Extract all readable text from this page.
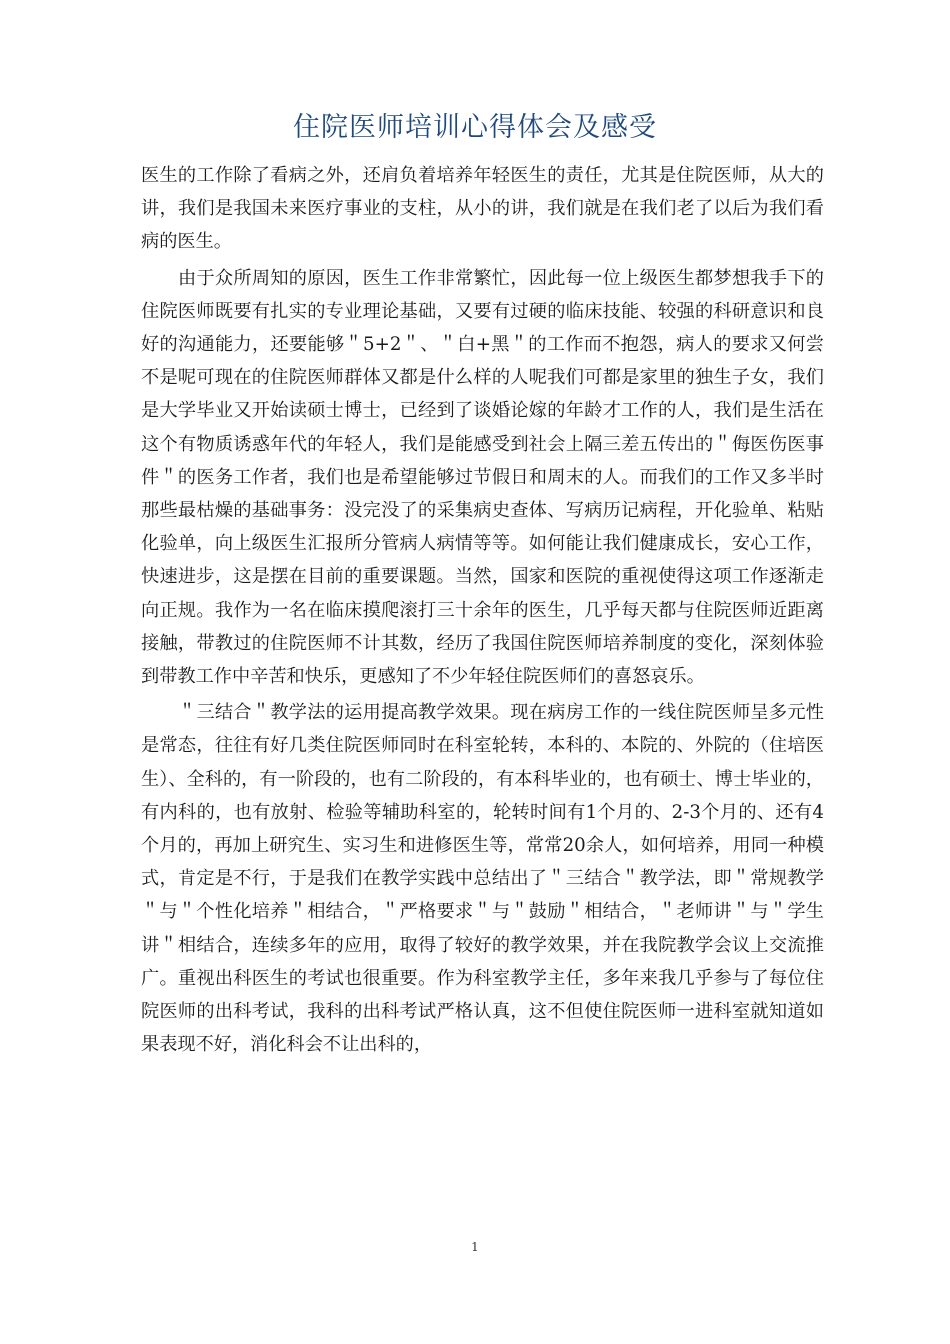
住院医师培训心得体会及感受

医生的工作除了看病之外，还肩负着培养年轻医生的责任，尤其是住院医师，从大的讲，我们是我国未来医疗事业的支柱，从小的讲，我们就是在我们老了以后为我们看病的医生。

由于众所周知的原因，医生工作非常繁忙，因此每一位上级医生都梦想我手下的住院医师既要有扎实的专业理论基础，又要有过硬的临床技能、较强的科研意识和良好的沟通能力，还要能够＂5+2＂、＂白+黑＂的工作而不抱怨，病人的要求又何尝不是呢可现在的住院医师群体又都是什么样的人呢我们可都是家里的独生子女，我们是大学毕业又开始读硕士博士，已经到了谈婚论嫁的年龄才工作的人，我们是生活在这个有物质诱惑年代的年轻人，我们是能感受到社会上隔三差五传出的＂侮医伤医事件＂的医务工作者，我们也是希望能够过节假日和周末的人。而我们的工作又多半时那些最枯燥的基础事务：没完没了的采集病史查体、写病历记病程，开化验单、粘贴化验单，向上级医生汇报所分管病人病情等等。如何能让我们健康成长，安心工作，快速进步，这是摆在目前的重要课题。当然，国家和医院的重视使得这项工作逐渐走向正规。我作为一名在临床摸爬滚打三十余年的医生，几乎每天都与住院医师近距离接触，带教过的住院医师不计其数，经历了我国住院医师培养制度的变化，深刻体验到带教工作中辛苦和快乐，更感知了不少年轻住院医师们的喜怒哀乐。

＂三结合＂教学法的运用提高教学效果。现在病房工作的一线住院医师呈多元性是常态，往往有好几类住院医师同时在科室轮转，本科的、本院的、外院的（住培医生）、全科的，有一阶段的，也有二阶段的，有本科毕业的，也有硕士、博士毕业的，有内科的，也有放射、检验等辅助科室的，轮转时间有1个月的、2-3个月的、还有4个月的，再加上研究生、实习生和进修医生等，常常20余人，如何培养，用同一种模式，肯定是不行，于是我们在教学实践中总结出了＂三结合＂教学法，即＂常规教学＂与＂个性化培养＂相结合，＂严格要求＂与＂鼓励＂相结合，＂老师讲＂与＂学生讲＂相结合，连续多年的应用，取得了较好的教学效果，并在我院教学会议上交流推广。重视出科医生的考试也很重要。作为科室教学主任，多年来我几乎参与了每位住院医师的出科考试，我科的出科考试严格认真，这不但使住院医师一进科室就知道如果表现不好，消化科会不让出科的，

1
